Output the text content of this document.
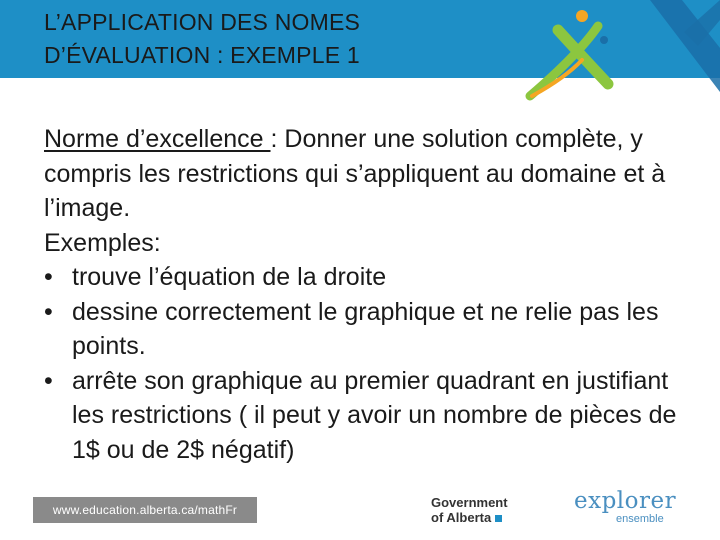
L’APPLICATION DES NOMES
D’ÉVALUATION : EXEMPLE 1

Norme d’excellence : Donner une solution complète, y compris les restrictions qui s’appliquent au domaine et à l’image.

Exemples:

• trouve l’équation de la droite
• dessine correctement le graphique et ne relie pas les points.
• arrête son graphique au premier quadrant en justifiant les restrictions ( il peut y avoir un nombre de pièces de 1$ ou de 2$ négatif)
www.education.alberta.ca/mathFr	Government
of Alberta
explorer
ensemble
